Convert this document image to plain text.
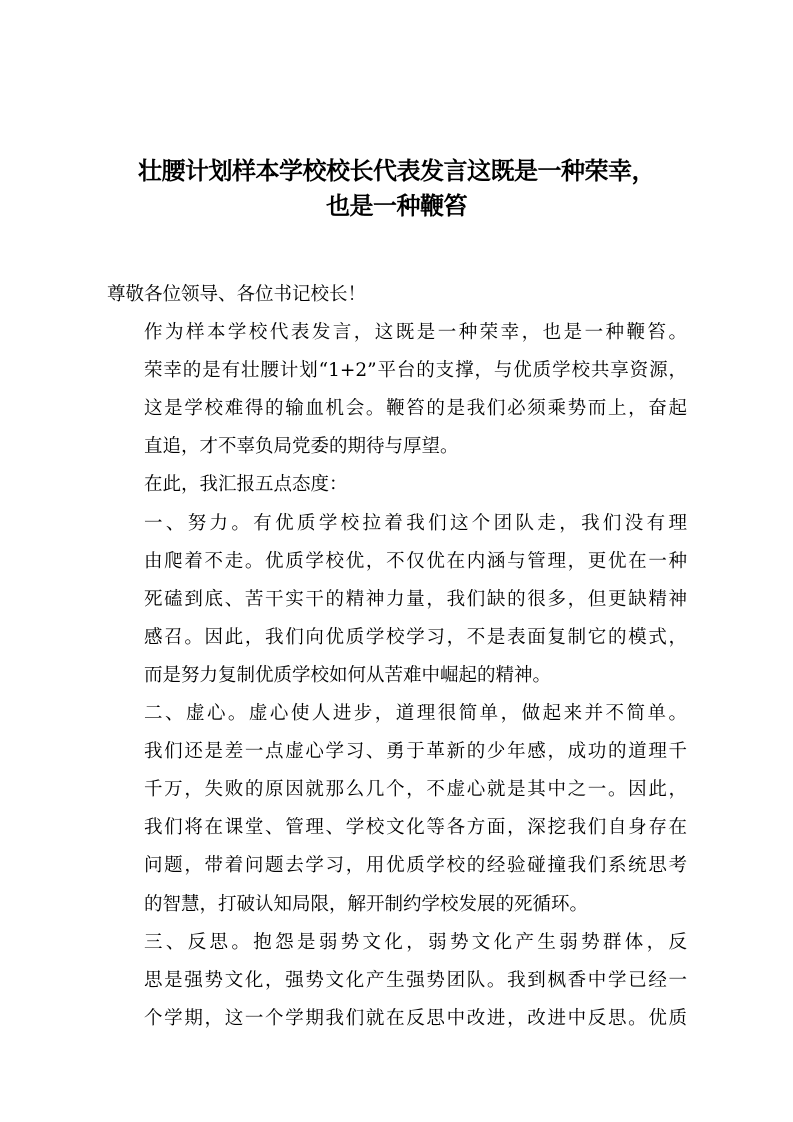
壮腰计划样本学校校长代表发言这既是一种荣幸，
也是一种鞭笞

尊敬各位领导、各位书记校长！

作为样本学校代表发言，这既是一种荣幸，也是一种鞭笞。
荣幸的是有壮腰计划“1+2”平台的支撑，与优质学校共享资源，
这是学校难得的输血机会。鞭笞的是我们必须乘势而上，奋起
直追，才不辜负局党委的期待与厚望。

在此，我汇报五点态度：

一、努力。有优质学校拉着我们这个团队走，我们没有理
由爬着不走。优质学校优，不仅优在内涵与管理，更优在一种
死磕到底、苦干实干的精神力量，我们缺的很多，但更缺精神
感召。因此，我们向优质学校学习，不是表面复制它的模式，
而是努力复制优质学校如何从苦难中崛起的精神。

二、虚心。虚心使人进步，道理很简单，做起来并不简单。
我们还是差一点虚心学习、勇于革新的少年感，成功的道理千
千万，失败的原因就那么几个，不虚心就是其中之一。因此，
我们将在课堂、管理、学校文化等各方面，深挖我们自身存在
问题，带着问题去学习，用优质学校的经验碰撞我们系统思考
的智慧，打破认知局限，解开制约学校发展的死循环。

三、反思。抱怨是弱势文化，弱势文化产生弱势群体，反
思是强势文化，强势文化产生强势团队。我到枫香中学已经一
个学期，这一个学期我们就在反思中改进，改进中反思。优质
